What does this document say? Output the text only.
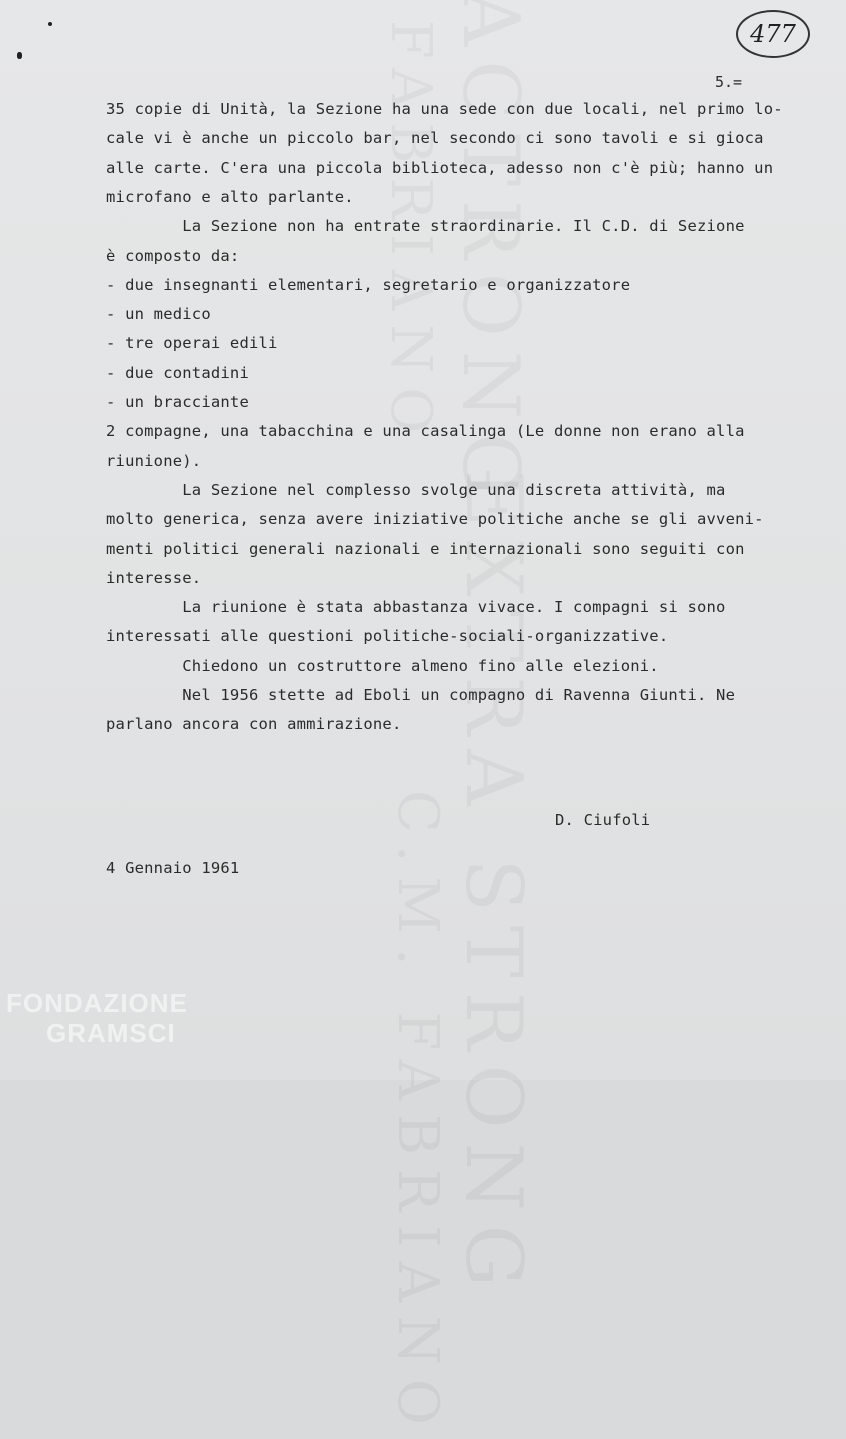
477
5.=
35 copie di Unità, la Sezione ha una sede con due locali, nel primo lo-
cale vi è anche un piccolo bar, nel secondo ci sono tavoli e si gioca
alle carte. C'era una piccola biblioteca, adesso non c'è più; hanno un
microfano e alto parlante.
La Sezione non ha entrate straordinarie. Il C.D. di Sezione
è composto da:
- due insegnanti elementari, segretario e organizzatore
- un medico
- tre operai edili
- due contadini
- un bracciante
2 compagne, una tabacchina e una casalinga (Le donne non erano alla
riunione).
La Sezione nel complesso svolge una discreta attività, ma
molto generica, senza avere iniziative politiche anche se gli avveni-
menti politici generali nazionali e internazionali sono seguiti con
interesse.
La riunione è stata abbastanza vivace. I compagni si sono
interessati alle questioni politiche-sociali-organizzative.
Chiedono un costruttore almeno fino alle elezioni.
Nel 1956 stette ad Eboli un compagno di Ravenna Giunti. Ne
parlano ancora con ammirazione.
D. Ciufoli
4 Gennaio 1961
FONDAZIONE
GRAMSCI
